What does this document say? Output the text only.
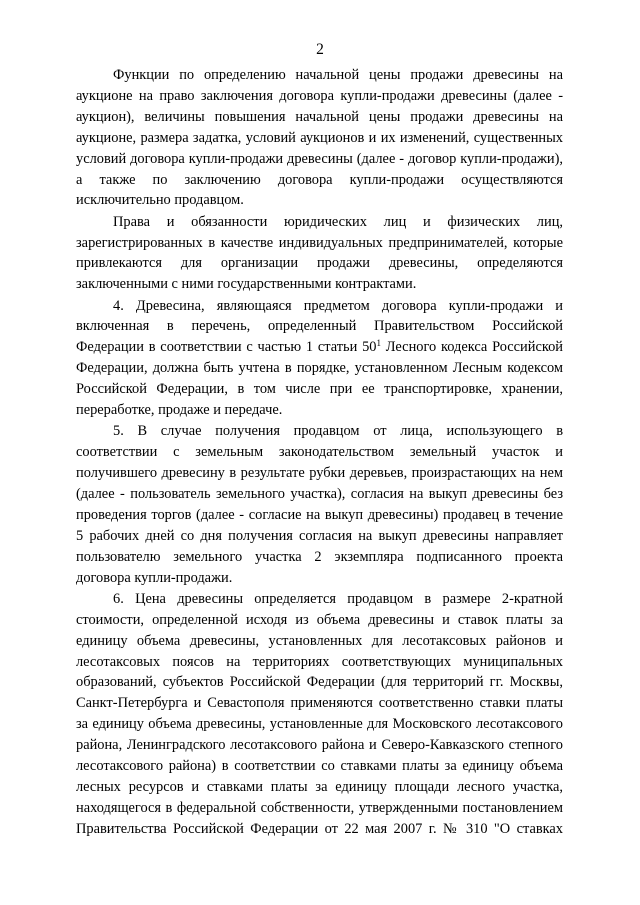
2

Функции по определению начальной цены продажи древесины на аукционе на право заключения договора купли-продажи древесины (далее - аукцион), величины повышения начальной цены продажи древесины на аукционе, размера задатка, условий аукционов и их изменений, существенных условий договора купли-продажи древесины (далее - договор купли-продажи), а также по заключению договора купли-продажи осуществляются исключительно продавцом.

Права и обязанности юридических лиц и физических лиц, зарегистрированных в качестве индивидуальных предпринимателей, которые привлекаются для организации продажи древесины, определяются заключенными с ними государственными контрактами.

4. Древесина, являющаяся предметом договора купли-продажи и включенная в перечень, определенный Правительством Российской Федерации в соответствии с частью 1 статьи $50^1$ Лесного кодекса Российской Федерации, должна быть учтена в порядке, установленном Лесным кодексом Российской Федерации, в том числе при ее транспортировке, хранении, переработке, продаже и передаче.

5. В случае получения продавцом от лица, использующего в соответствии с земельным законодательством земельный участок и получившего древесину в результате рубки деревьев, произрастающих на нем (далее - пользователь земельного участка), согласия на выкуп древесины без проведения торгов (далее - согласие на выкуп древесины) продавец в течение 5 рабочих дней со дня получения согласия на выкуп древесины направляет пользователю земельного участка 2 экземпляра подписанного проекта договора купли-продажи.

6. Цена древесины определяется продавцом в размере 2-кратной стоимости, определенной исходя из объема древесины и ставок платы за единицу объема древесины, установленных для лесотаксовых районов и лесотаксовых поясов на территориях соответствующих муниципальных образований, субъектов Российской Федерации (для территорий гг. Москвы, Санкт-Петербурга и Севастополя применяются соответственно ставки платы за единицу объема древесины, установленные для Московского лесотаксового района, Ленинградского лесотаксового района и Северо-Кавказского степного лесотаксового района) в соответствии со ставками платы за единицу объема лесных ресурсов и ставками платы за единицу площади лесного участка, находящегося в федеральной собственности, утвержденными постановлением Правительства Российской Федерации от 22 мая 2007 г. № 310 "О ставках
